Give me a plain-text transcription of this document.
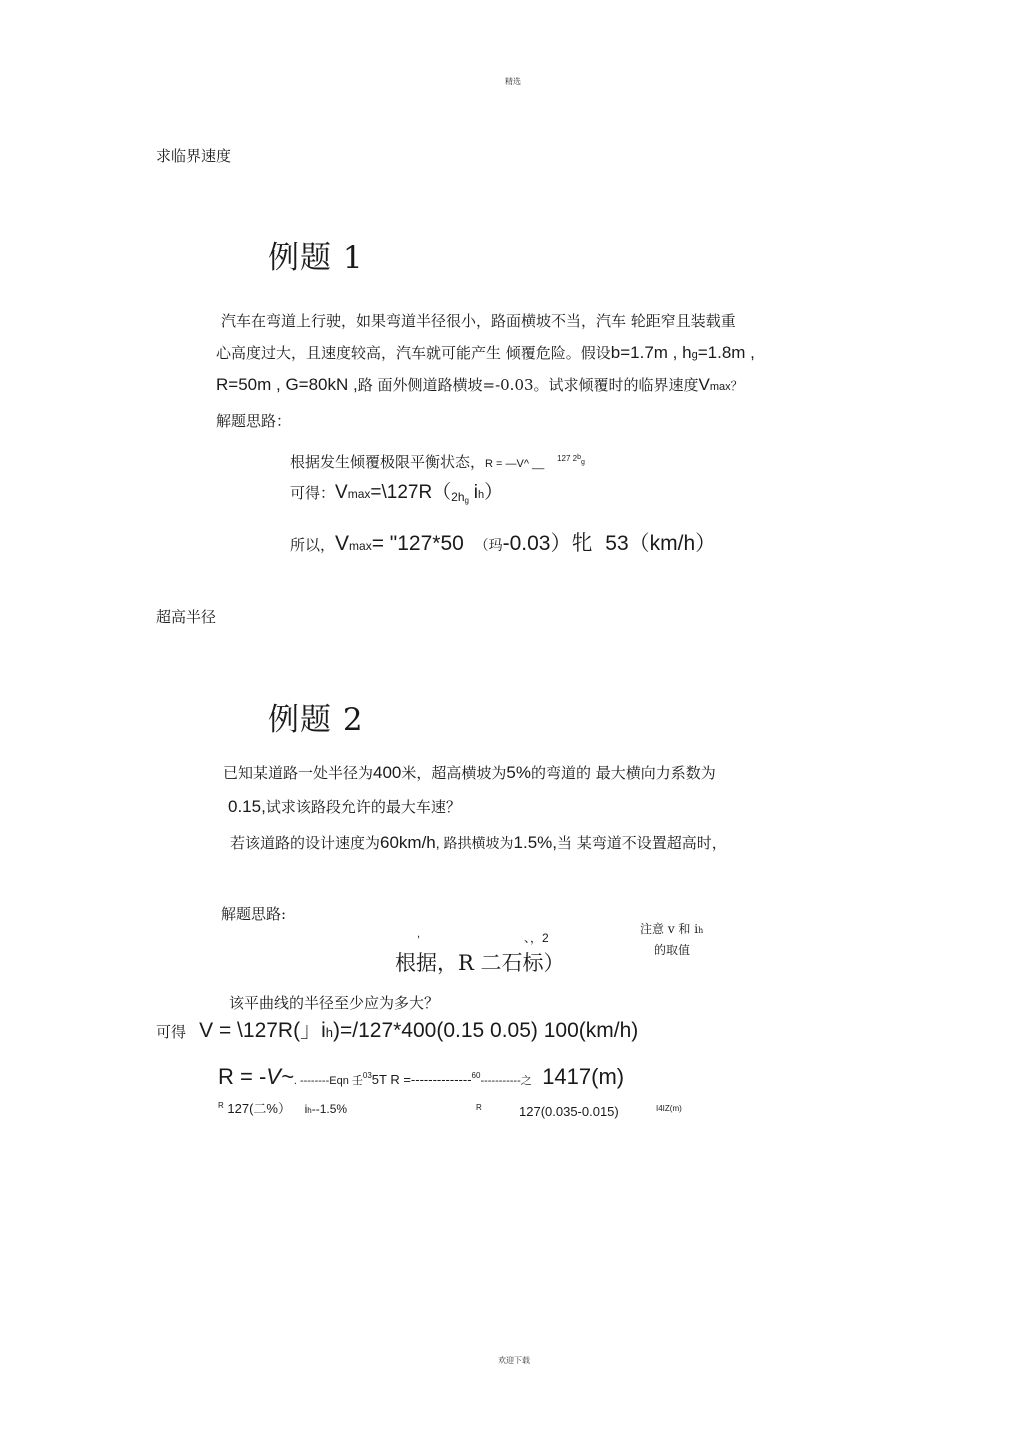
精选
求临界速度
例题 1
汽车在弯道上行驶，如果弯道半径很小，路面横坡不当，汽车 轮距窄且装载重
心高度过大，且速度较高，汽车就可能产生 倾覆危险。假设b=1.7m , hg=1.8m ,
R=50m , G=80kN ,路 面外侧道路横坡=-0.03。试求倾覆时的临界速度Vmax？
解题思路：
根据发生倾覆极限平衡状态，R = —V^ __ $^{127 2bg}$
可得：$Vmax=\backslash 127R(_{2hg}$ ih）
所以，Vmax= "127*50 （玛-0.03）牝 53（km/h）
超高半径
例题 2
已知某道路一处半径为400米，超高横坡为5%的弯道的 最大横向力系数为
0.15,试求该路段允许的最大车速？
若该道路的设计速度为60km/h, 路拱横坡为1.5%,当 某弯道不设置超高时，
解题思路:
注意 v 和 ih
的取值
,	、，2
根据，R 二石标）
该平曲线的半径至少应为多大？
可得 V = \127R(」ih)=/127*400(0.15 0.05) 100(km/h)
R = -V~. --------Eqn 壬$^{03}$5T R =--------------$^{60}$-----------之 1417(m)
$^R$ 127(二%） ih--1.5%	R	127(0.035-0.015)	I4IZ(m)
欢迎下载
